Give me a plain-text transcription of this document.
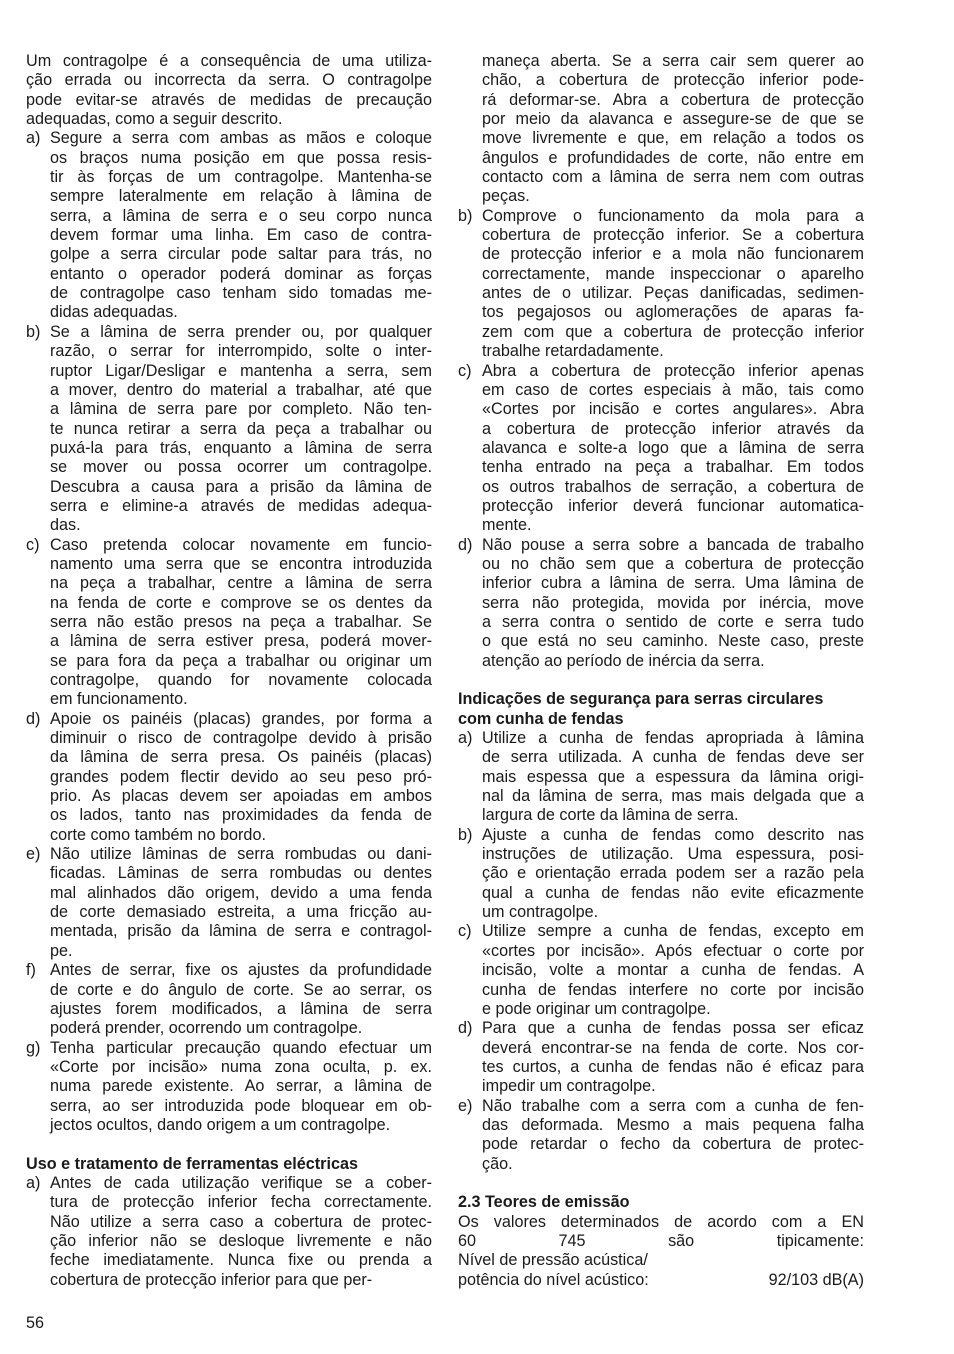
Um contragolpe é a consequência de uma utiliza-
ção errada ou incorrecta da serra. O contragolpe
pode evitar-se através de medidas de precaução
adequadas, como a seguir descrito.
a) Segure a serra com ambas as mãos e coloque
os braços numa posição em que possa resis-
tir às forças de um contragolpe. Mantenha-se
sempre lateralmente em relação à lâmina de
serra, a lâmina de serra e o seu corpo nunca
devem formar uma linha. Em caso de contra-
golpe a serra circular pode saltar para trás, no
entanto o operador poderá dominar as forças
de contragolpe caso tenham sido tomadas me-
didas adequadas.
b) Se a lâmina de serra prender ou, por qualquer
razão, o serrar for interrompido, solte o inter-
ruptor Ligar/Desligar e mantenha a serra, sem
a mover, dentro do material a trabalhar, até que
a lâmina de serra pare por completo. Não ten-
te nunca retirar a serra da peça a trabalhar ou
puxá-la para trás, enquanto a lâmina de serra
se mover ou possa ocorrer um contragolpe.
Descubra a causa para a prisão da lâmina de
serra e elimine-a através de medidas adequa-
das.
c) Caso pretenda colocar novamente em funcio-
namento uma serra que se encontra introduzida
na peça a trabalhar, centre a lâmina de serra
na fenda de corte e comprove se os dentes da
serra não estão presos na peça a trabalhar. Se
a lâmina de serra estiver presa, poderá mover-
se para fora da peça a trabalhar ou originar um
contragolpe, quando for novamente colocada
em funcionamento.
d) Apoie os painéis (placas) grandes, por forma a
diminuir o risco de contragolpe devido à prisão
da lâmina de serra presa. Os painéis (placas)
grandes podem flectir devido ao seu peso pró-
prio. As placas devem ser apoiadas em ambos
os lados, tanto nas proximidades da fenda de
corte como também no bordo.
e) Não utilize lâminas de serra rombudas ou dani-
ficadas. Lâminas de serra rombudas ou dentes
mal alinhados dão origem, devido a uma fenda
de corte demasiado estreita, a uma fricção au-
mentada, prisão da lâmina de serra e contragol-
pe.
f) Antes de serrar, fixe os ajustes da profundidade
de corte e do ângulo de corte. Se ao serrar, os
ajustes forem modificados, a lâmina de serra
poderá prender, ocorrendo um contragolpe.
g) Tenha particular precaução quando efectuar um
«Corte por incisão» numa zona oculta, p. ex.
numa parede existente. Ao serrar, a lâmina de
serra, ao ser introduzida pode bloquear em ob-
jectos ocultos, dando origem a um contragolpe.
Uso e tratamento de ferramentas eléctricas
a) Antes de cada utilização verifique se a cober-
tura de protecção inferior fecha correctamente.
Não utilize a serra caso a cobertura de protec-
ção inferior não se desloque livremente e não
feche imediatamente. Nunca fixe ou prenda a
cobertura de protecção inferior para que per-
maneça aberta. Se a serra cair sem querer ao
chão, a cobertura de protecção inferior pode-
rá deformar-se. Abra a cobertura de protecção
por meio da alavanca e assegure-se de que se
move livremente e que, em relação a todos os
ângulos e profundidades de corte, não entre em
contacto com a lâmina de serra nem com outras
peças.
b) Comprove o funcionamento da mola para a
cobertura de protecção inferior. Se a cobertura
de protecção inferior e a mola não funcionarem
correctamente, mande inspeccionar o aparelho
antes de o utilizar. Peças danificadas, sedimen-
tos pegajosos ou aglomerações de aparas fa-
zem com que a cobertura de protecção inferior
trabalhe retardadamente.
c) Abra a cobertura de protecção inferior apenas
em caso de cortes especiais à mão, tais como
«Cortes por incisão e cortes angulares». Abra
a cobertura de protecção inferior através da
alavanca e solte-a logo que a lâmina de serra
tenha entrado na peça a trabalhar. Em todos
os outros trabalhos de serração, a cobertura de
protecção inferior deverá funcionar automatica-
mente.
d) Não pouse a serra sobre a bancada de trabalho
ou no chão sem que a cobertura de protecção
inferior cubra a lâmina de serra. Uma lâmina de
serra não protegida, movida por inércia, move
a serra contra o sentido de corte e serra tudo
o que está no seu caminho. Neste caso, preste
atenção ao período de inércia da serra.
Indicações de segurança para serras circulares
com cunha de fendas
a) Utilize a cunha de fendas apropriada à lâmina
de serra utilizada. A cunha de fendas deve ser
mais espessa que a espessura da lâmina origi-
nal da lâmina de serra, mas mais delgada que a
largura de corte da lâmina de serra.
b) Ajuste a cunha de fendas como descrito nas
instruções de utilização. Uma espessura, posi-
ção e orientação errada podem ser a razão pela
qual a cunha de fendas não evite eficazmente
um contragolpe.
c) Utilize sempre a cunha de fendas, excepto em
«cortes por incisão». Após efectuar o corte por
incisão, volte a montar a cunha de fendas. A
cunha de fendas interfere no corte por incisão
e pode originar um contragolpe.
d) Para que a cunha de fendas possa ser eficaz
deverá encontrar-se na fenda de corte. Nos cor-
tes curtos, a cunha de fendas não é eficaz para
impedir um contragolpe.
e) Não trabalhe com a serra com a cunha de fen-
das deformada. Mesmo a mais pequena falha
pode retardar o fecho da cobertura de protec-
ção.
2.3 Teores de emissão
Os valores determinados de acordo com a EN
60 745 são tipicamente:
Nível de pressão acústica/
potência do nível acústico:	92/103 dB(A)
56
